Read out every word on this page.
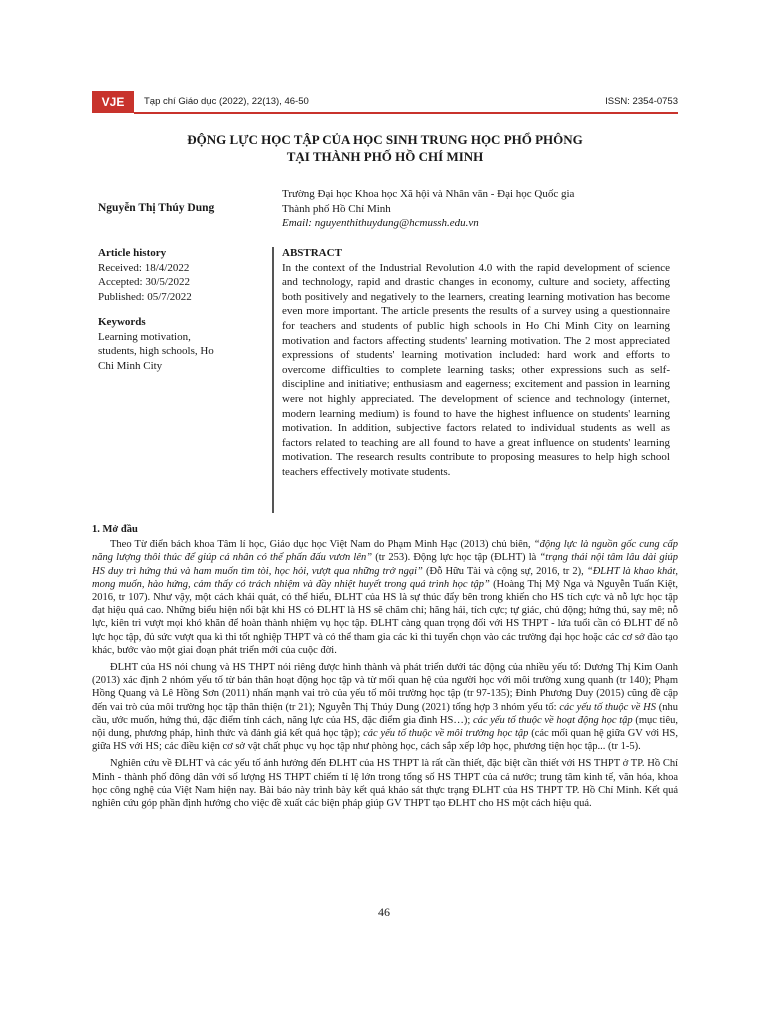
VJE	Tạp chí Giáo dục (2022), 22(13), 46-50	ISSN: 2354-0753
ĐỘNG LỰC HỌC TẬP CỦA HỌC SINH TRUNG HỌC PHỔ PHÔNG
TẠI THÀNH PHỐ HỒ CHÍ MINH
Nguyễn Thị Thúy Dung
Trường Đại học Khoa học Xã hội và Nhân văn - Đại học Quốc gia
Thành phố Hồ Chí Minh
Email: nguyenthithuydung@hcmussh.edu.vn
Article history
Received: 18/4/2022
Accepted: 30/5/2022
Published: 05/7/2022
Keywords
Learning motivation,
students, high schools, Ho
Chi Minh City
ABSTRACT
In the context of the Industrial Revolution 4.0 with the rapid development of science and technology, rapid and drastic changes in economy, culture and society, affecting both positively and negatively to the learners, creating learning motivation has become even more important. The article presents the results of a survey using a questionnaire for teachers and students of public high schools in Ho Chi Minh City on learning motivation and factors affecting students' learning motivation. The 2 most appreciated expressions of students' learning motivation included: hard work and efforts to overcome difficulties to complete learning tasks; other expressions such as self-discipline and initiative; enthusiasm and eagerness; excitement and passion in learning were not highly appreciated. The development of science and technology (internet, modern learning medium) is found to have the highest influence on students' learning motivation. In addition, subjective factors related to individual students as well as factors related to teaching are all found to have a great influence on students' learning motivation. The research results contribute to proposing measures to help high school teachers effectively motivate students.
1. Mở đầu

Theo Từ điển bách khoa Tâm lí học, Giáo dục học Việt Nam do Phạm Minh Hạc (2013) chủ biên, “động lực là nguồn gốc cung cấp năng lượng thôi thúc để giúp cá nhân có thể phấn đấu vươn lên” (tr 253). Động lực học tập (ĐLHT) là “trạng thái nội tâm lâu dài giúp HS duy trì hứng thú và ham muốn tìm tòi, học hỏi, vượt qua những trở ngại” (Đỗ Hữu Tài và cộng sự, 2016, tr 2), “ĐLHT là khao khát, mong muốn, hào hứng, cảm thấy có trách nhiệm và đầy nhiệt huyết trong quá trình học tập” (Hoàng Thị Mỹ Nga và Nguyễn Tuấn Kiệt, 2016, tr 107). Như vậy, một cách khái quát, có thể hiểu, ĐLHT của HS là sự thúc đẩy bên trong khiến cho HS tích cực và nỗ lực học tập đạt hiệu quả cao. Những biểu hiện nổi bật khi HS có ĐLHT là HS sẽ chăm chỉ; hăng hái, tích cực; tự giác, chủ động; hứng thú, say mê; nỗ lực, kiên trì vượt mọi khó khăn để hoàn thành nhiệm vụ học tập. ĐLHT càng quan trọng đối với HS THPT - lứa tuổi cần có ĐLHT để nỗ lực học tập, đủ sức vượt qua kì thi tốt nghiệp THPT và có thể tham gia các kì thi tuyển chọn vào các trường đại học hoặc các cơ sở đào tạo khác, bước vào một giai đoạn phát triển mới của cuộc đời.

ĐLHT của HS nói chung và HS THPT nói riêng được hình thành và phát triển dưới tác động của nhiều yếu tố: Dương Thị Kim Oanh (2013) xác định 2 nhóm yếu tố từ bản thân hoạt động học tập và từ mối quan hệ của người học với môi trường xung quanh (tr 140); Phạm Hồng Quang và Lê Hồng Sơn (2011) nhấn mạnh vai trò của yếu tố môi trường học tập (tr 97-135); Đinh Phương Duy (2015) cũng đề cập đến vai trò của môi trường học tập thân thiện (tr 21); Nguyễn Thị Thúy Dung (2021) tổng hợp 3 nhóm yếu tố: các yếu tố thuộc về HS (nhu cầu, ước muốn, hứng thú, đặc điểm tính cách, năng lực của HS, đặc điểm gia đình HS…); các yếu tố thuộc về hoạt động học tập (mục tiêu, nội dung, phương pháp, hình thức và đánh giá kết quả học tập); các yếu tố thuộc về môi trường học tập (các mối quan hệ giữa GV với HS, giữa HS với HS; các điều kiện cơ sở vật chất phục vụ học tập như phòng học, cách sắp xếp lớp học, phương tiện học tập... (tr 1-5).

Nghiên cứu về ĐLHT và các yếu tố ảnh hưởng đến ĐLHT của HS THPT là rất cần thiết, đặc biệt cần thiết với HS THPT ở TP. Hồ Chí Minh - thành phố đông dân với số lượng HS THPT chiếm tỉ lệ lớn trong tổng số HS THPT của cả nước; trung tâm kinh tế, văn hóa, khoa học công nghệ của Việt Nam hiện nay. Bài báo này trình bày kết quả khảo sát thực trạng ĐLHT của HS THPT TP. Hồ Chí Minh. Kết quả nghiên cứu góp phần định hướng cho việc đề xuất các biện pháp giúp GV THPT tạo ĐLHT cho HS một cách hiệu quả.

46
